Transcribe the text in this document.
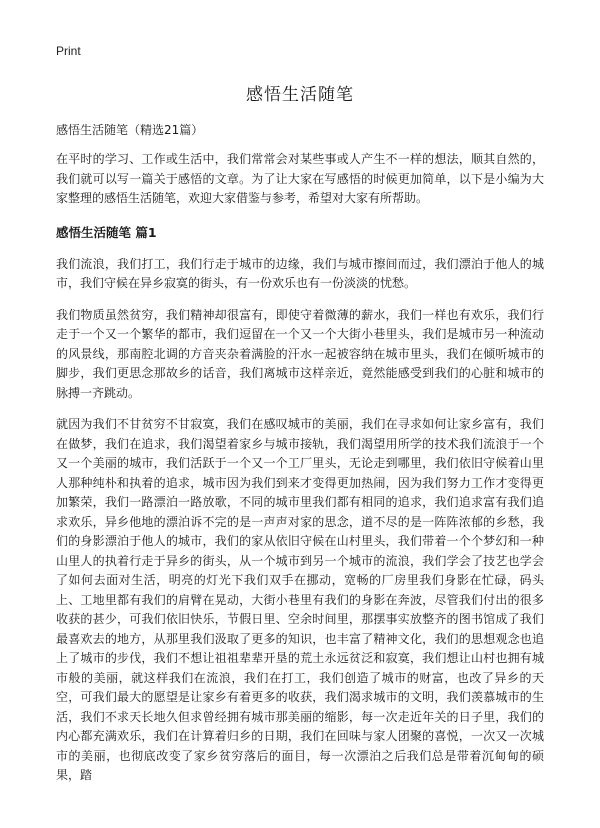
Print
感悟生活随笔
感悟生活随笔（精选21篇）

在平时的学习、工作或生活中，我们常常会对某些事或人产生不一样的想法，顺其自然的，我们就可以写一篇关于感悟的文章。为了让大家在写感悟的时候更加简单，以下是小编为大家整理的感悟生活随笔，欢迎大家借鉴与参考，希望对大家有所帮助。

感悟生活随笔 篇1

我们流浪，我们打工，我们行走于城市的边缘，我们与城市擦间而过，我们漂泊于他人的城市，我们守候在异乡寂寞的街头，有一份欢乐也有一份淡淡的忧愁。

我们物质虽然贫穷，我们精神却很富有，即使守着微薄的薪水，我们一样也有欢乐，我们行走于一个又一个繁华的都市，我们逗留在一个又一个大街小巷里头，我们是城市另一种流动的风景线，那南腔北调的方音夹杂着满脸的汗水一起被容纳在城市里头，我们在倾听城市的脚步，我们更思念那故乡的话音，我们离城市这样亲近，竟然能感受到我们的心脏和城市的脉搏一齐跳动。

就因为我们不甘贫穷不甘寂寞，我们在感叹城市的美丽，我们在寻求如何让家乡富有，我们在做梦，我们在追求，我们渴望着家乡与城市接轨，我们渴望用所学的技术我们流浪于一个又一个美丽的城市，我们活跃于一个又一个工厂里头，无论走到哪里，我们依旧守候着山里人那种纯朴和执着的追求，城市因为我们到来才变得更加热闹，因为我们努力工作才变得更加繁荣，我们一路漂泊一路放歌，不同的城市里我们都有相同的追求，我们追求富有我们追求欢乐，异乡他地的漂泊诉不完的是一声声对家的思念，道不尽的是一阵阵浓郁的乡愁，我们的身影漂泊于他人的城市，我们的家从依旧守候在山村里头，我们带着一个个梦幻和一种山里人的执着行走于异乡的街头，从一个城市到另一个城市的流浪，我们学会了技艺也学会了如何去面对生活，明亮的灯光下我们双手在挪动，宽畅的厂房里我们身影在忙碌，码头上、工地里都有我们的肩臂在晃动，大街小巷里有我们的身影在奔波，尽管我们付出的很多收获的甚少，可我们依旧快乐，节假日里、空余时间里，那摆事实放整齐的图书馆成了我们最喜欢去的地方，从那里我们汲取了更多的知识，也丰富了精神文化，我们的思想观念也追上了城市的步伐，我们不想让祖祖辈辈开垦的荒土永远贫泛和寂寞，我们想让山村也拥有城市般的美丽，就这样我们在流浪，我们在打工，我们创造了城市的财富，也改了异乡的天空，可我们最大的愿望是让家乡有着更多的收获，我们渴求城市的文明，我们羡慕城市的生活，我们不求天长地久但求曾经拥有城市那美丽的缩影，每一次走近年关的日子里，我们的内心都充满欢乐，我们在计算着归乡的日期，我们在回味与家人团聚的喜悦，一次又一次城市的美丽，也彻底改变了家乡贫穷落后的面目，每一次漂泊之后我们总是带着沉甸甸的硕果，踏
